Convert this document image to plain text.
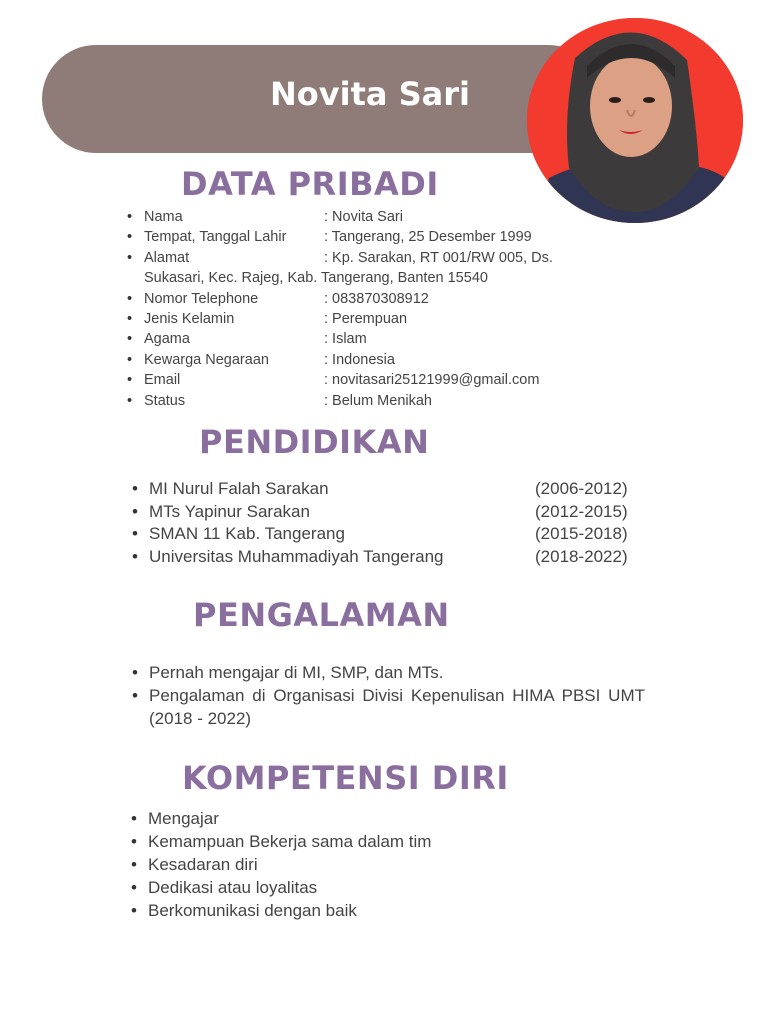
Novita Sari
DATA PRIBADI
• Nama	: Novita Sari
• Tempat, Tanggal Lahir	: Tangerang, 25 Desember 1999
• Alamat	: Kp. Sarakan, RT 001/RW 005, Ds.
Sukasari, Kec. Rajeg, Kab. Tangerang, Banten 15540
• Nomor Telephone	: 083870308912
• Jenis Kelamin	: Perempuan
• Agama	: Islam
• Kewarga Negaraan	: Indonesia
• Email	: novitasari25121999@gmail.com
• Status	: Belum Menikah
PENDIDIKAN
• MI Nurul Falah Sarakan	(2006-2012)
• MTs Yapinur Sarakan	(2012-2015)
• SMAN 11 Kab. Tangerang	(2015-2018)
• Universitas Muhammadiyah Tangerang	(2018-2022)
PENGALAMAN
• Pernah mengajar di MI, SMP, dan MTs.
• Pengalaman di Organisasi Divisi Kepenulisan HIMA PBSI UMT (2018 - 2022)
KOMPETENSI DIRI
• Mengajar
• Kemampuan Bekerja sama dalam tim
• Kesadaran diri
• Dedikasi atau loyalitas
• Berkomunikasi dengan baik
